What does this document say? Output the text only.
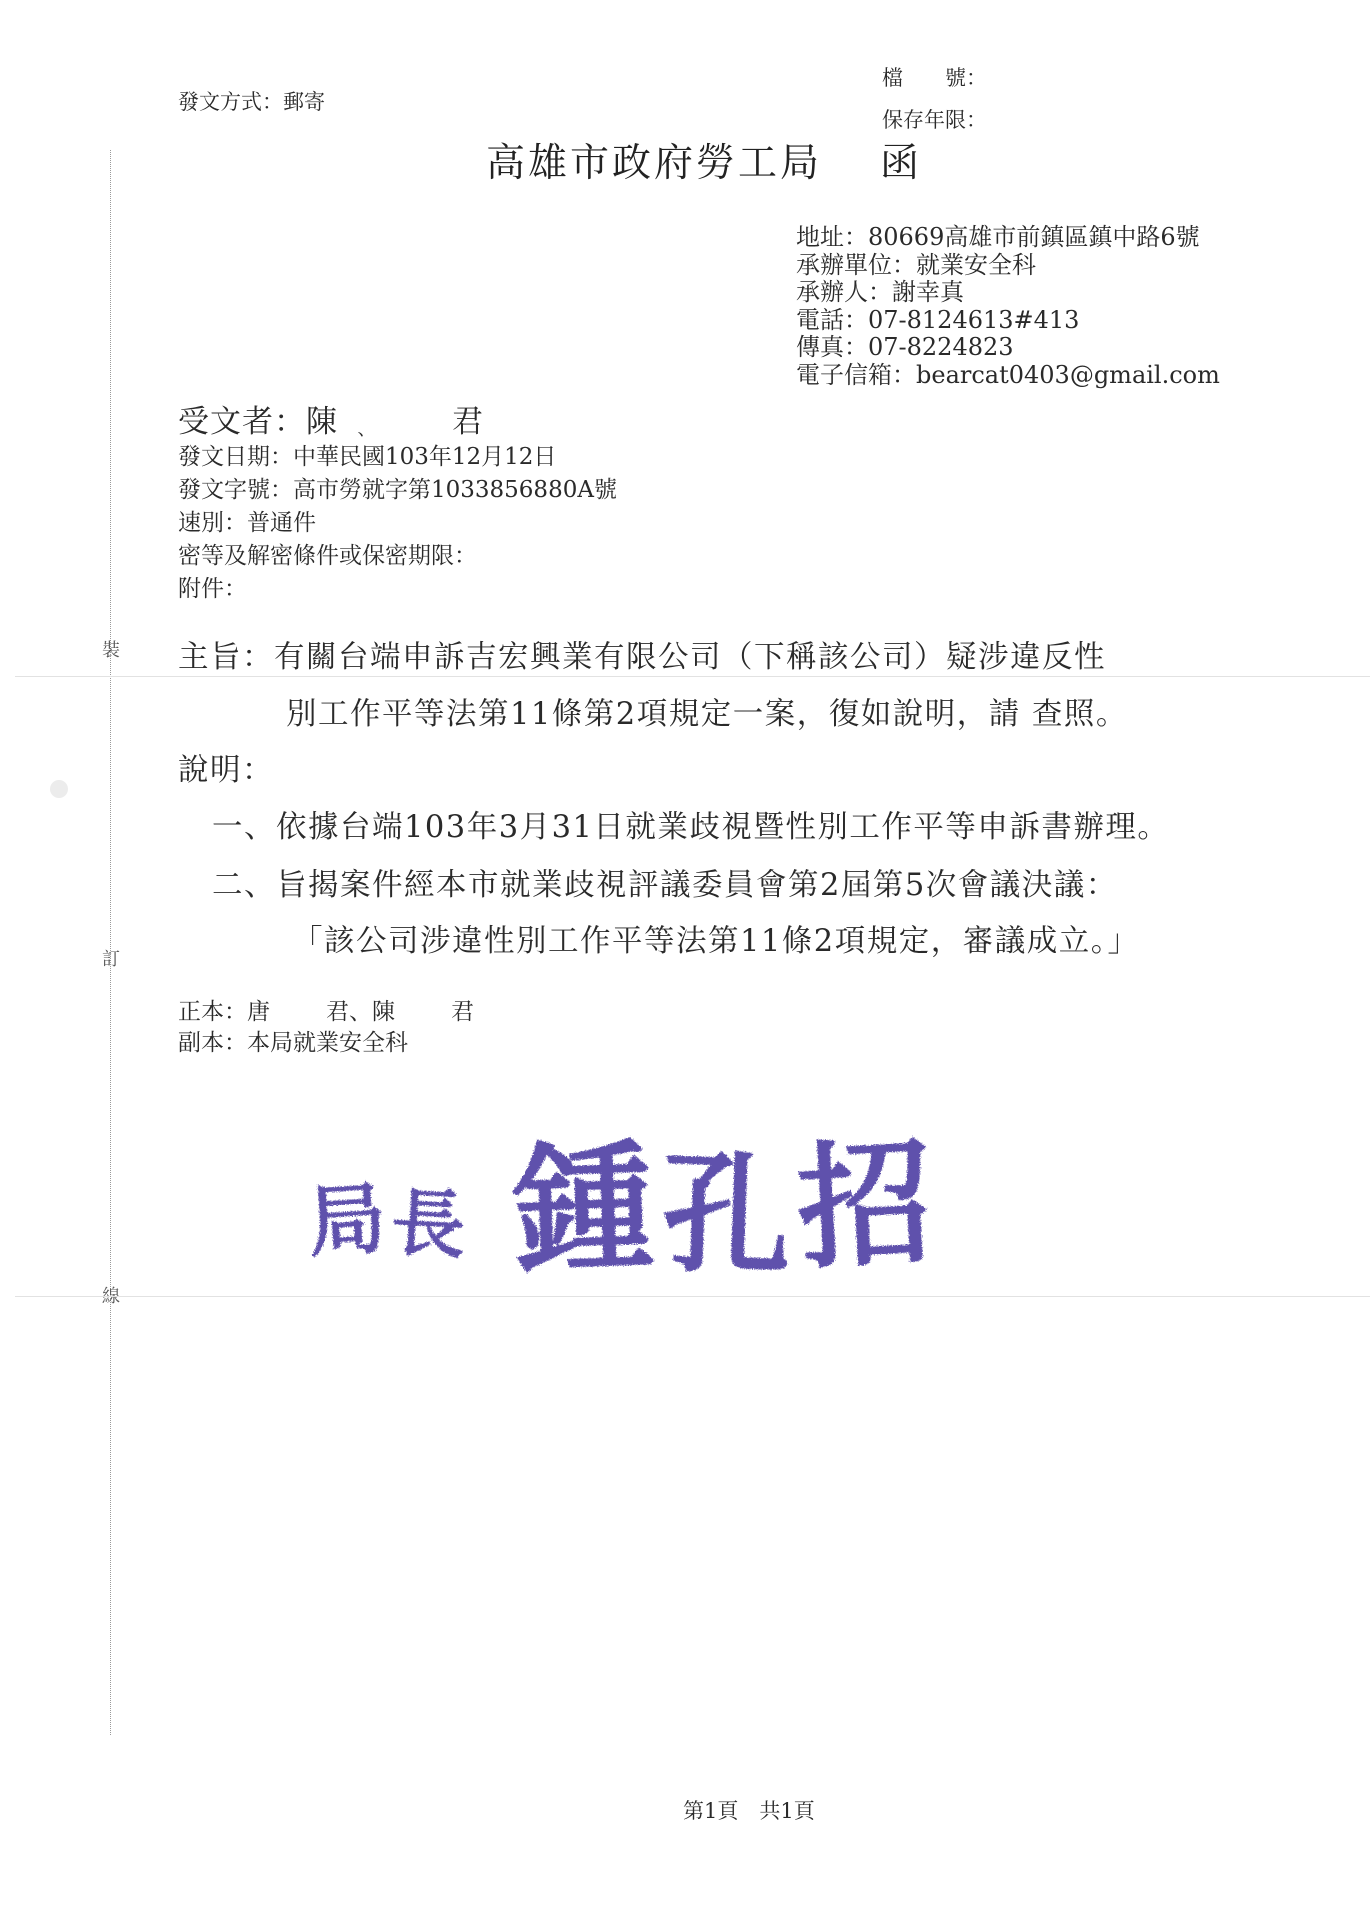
裝
訂
線
發文方式：郵寄
檔　　號：
保存年限：
高雄市政府勞工局 函
地址：80669高雄市前鎮區鎮中路6號
承辦單位：就業安全科
承辦人：謝幸真
電話：07-8124613#413
傳真：07-8224823
電子信箱：bearcat0403@gmail.com
受文者：陳 、 君
發文日期：中華民國103年12月12日
發文字號：高市勞就字第1033856880A號
速別：普通件
密等及解密條件或保密期限：
附件：
主旨：有關台端申訴吉宏興業有限公司（下稱該公司）疑涉違反性
別工作平等法第11條第2項規定一案，復如說明，請 查照。
說明：
一、依據台端103年3月31日就業歧視暨性別工作平等申訴書辦理。
二、旨揭案件經本市就業歧視評議委員會第2屆第5次會議決議：
「該公司涉違性別工作平等法第11條2項規定，審議成立。」
正本：唐 君、陳 君
副本：本局就業安全科
局 長 鍾 孔 招
第1頁　共1頁
